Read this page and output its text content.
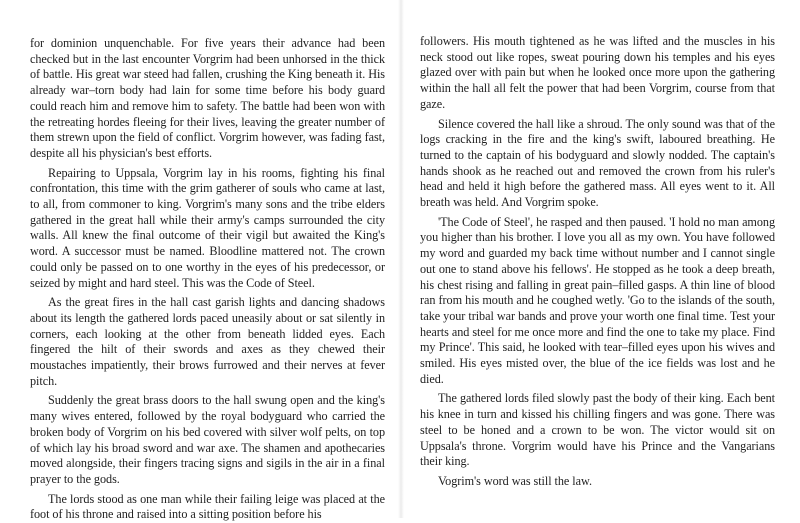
for dominion unquenchable. For five years their advance had been checked but in the last encounter Vorgrim had been unhorsed in the thick of battle. His great war steed had fallen, crushing the King beneath it. His already war–torn body had lain for some time before his body guard could reach him and remove him to safety. The battle had been won with the retreating hordes fleeing for their lives, leaving the greater number of them strewn upon the field of conflict. Vorgrim however, was fading fast, despite all his physician's best efforts.

Repairing to Uppsala, Vorgrim lay in his rooms, fighting his final confrontation, this time with the grim gatherer of souls who came at last, to all, from commoner to king. Vorgrim's many sons and the tribe elders gathered in the great hall while their army's camps surrounded the city walls. All knew the final outcome of their vigil but awaited the King's word. A successor must be named. Bloodline mattered not. The crown could only be passed on to one worthy in the eyes of his predecessor, or seized by might and hard steel. This was the Code of Steel.

As the great fires in the hall cast garish lights and dancing shadows about its length the gathered lords paced uneasily about or sat silently in corners, each looking at the other from beneath lidded eyes. Each fingered the hilt of their swords and axes as they chewed their moustaches impatiently, their brows furrowed and their nerves at fever pitch.

Suddenly the great brass doors to the hall swung open and the king's many wives entered, followed by the royal bodyguard who carried the broken body of Vorgrim on his bed covered with silver wolf pelts, on top of which lay his broad sword and war axe. The shamen and apothecaries moved alongside, their fingers tracing signs and sigils in the air in a final prayer to the gods.

The lords stood as one man while their failing leige was placed at the foot of his throne and raised into a sitting position before his

followers. His mouth tightened as he was lifted and the muscles in his neck stood out like ropes, sweat pouring down his temples and his eyes glazed over with pain but when he looked once more upon the gathering within the hall all felt the power that had been Vorgrim, course from that gaze.

Silence covered the hall like a shroud. The only sound was that of the logs cracking in the fire and the king's swift, laboured breathing. He turned to the captain of his bodyguard and slowly nodded. The captain's hands shook as he reached out and removed the crown from his ruler's head and held it high before the gathered mass. All eyes went to it. All breath was held. And Vorgrim spoke.

'The Code of Steel', he rasped and then paused. 'I hold no man among you higher than his brother. I love you all as my own. You have followed my word and guarded my back time without number and I cannot single out one to stand above his fellows'. He stopped as he took a deep breath, his chest rising and falling in great pain–filled gasps. A thin line of blood ran from his mouth and he coughed wetly. 'Go to the islands of the south, take your tribal war bands and prove your worth one final time. Test your hearts and steel for me once more and find the one to take my place. Find my Prince'. This said, he looked with tear–filled eyes upon his wives and smiled. His eyes misted over, the blue of the ice fields was lost and he died.

The gathered lords filed slowly past the body of their king. Each bent his knee in turn and kissed his chilling fingers and was gone. There was steel to be honed and a crown to be won. The victor would sit on Uppsala's throne. Vorgrim would have his Prince and the Vangarians their king.

Vogrim's word was still the law.
